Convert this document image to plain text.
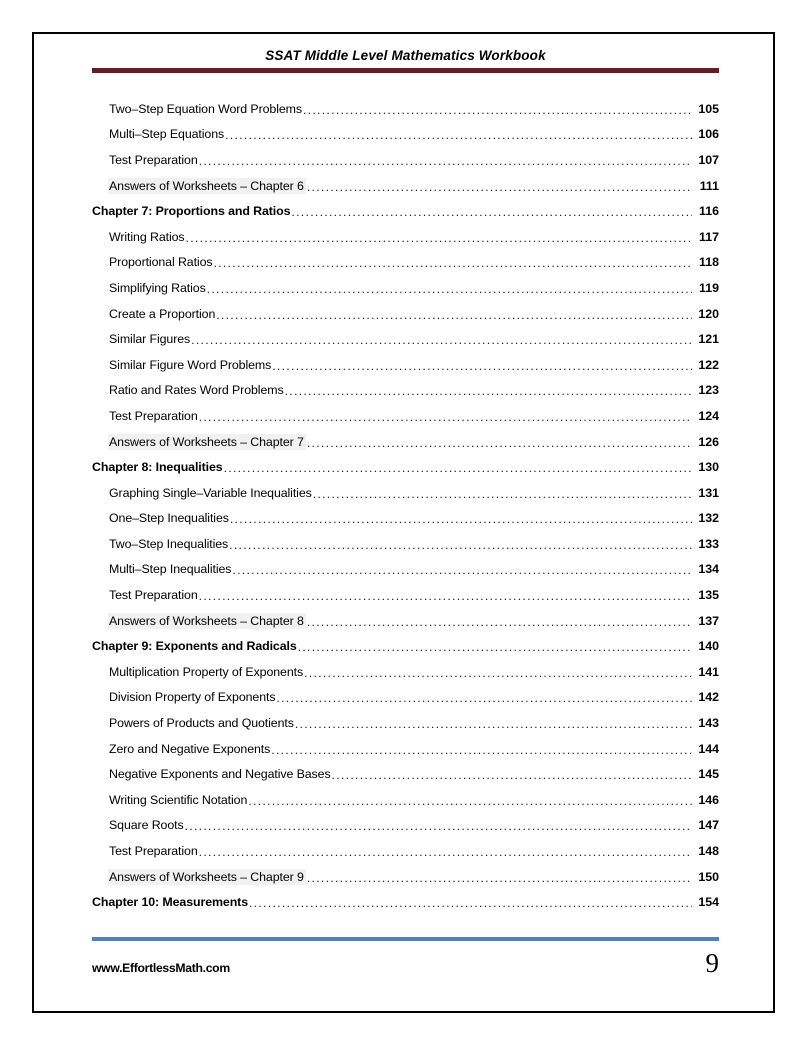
SSAT Middle Level Mathematics Workbook
Two–Step Equation Word Problems .....	105
Multi–Step Equations .....	106
Test Preparation .....	107
Answers of Worksheets – Chapter 6 .....	111
Chapter 7: Proportions and Ratios .....	116
Writing Ratios .....	117
Proportional Ratios .....	118
Simplifying Ratios .....	119
Create a Proportion .....	120
Similar Figures .....	121
Similar Figure Word Problems .....	122
Ratio and Rates Word Problems .....	123
Test Preparation .....	124
Answers of Worksheets – Chapter 7 .....	126
Chapter 8: Inequalities .....	130
Graphing Single–Variable Inequalities .....	131
One–Step Inequalities .....	132
Two–Step Inequalities .....	133
Multi–Step Inequalities .....	134
Test Preparation .....	135
Answers of Worksheets – Chapter 8 .....	137
Chapter 9: Exponents and Radicals .....	140
Multiplication Property of Exponents .....	141
Division Property of Exponents .....	142
Powers of Products and Quotients .....	143
Zero and Negative Exponents .....	144
Negative Exponents and Negative Bases .....	145
Writing Scientific Notation .....	146
Square Roots .....	147
Test Preparation .....	148
Answers of Worksheets – Chapter 9 .....	150
Chapter 10: Measurements .....	154
www.EffortlessMath.com	9
